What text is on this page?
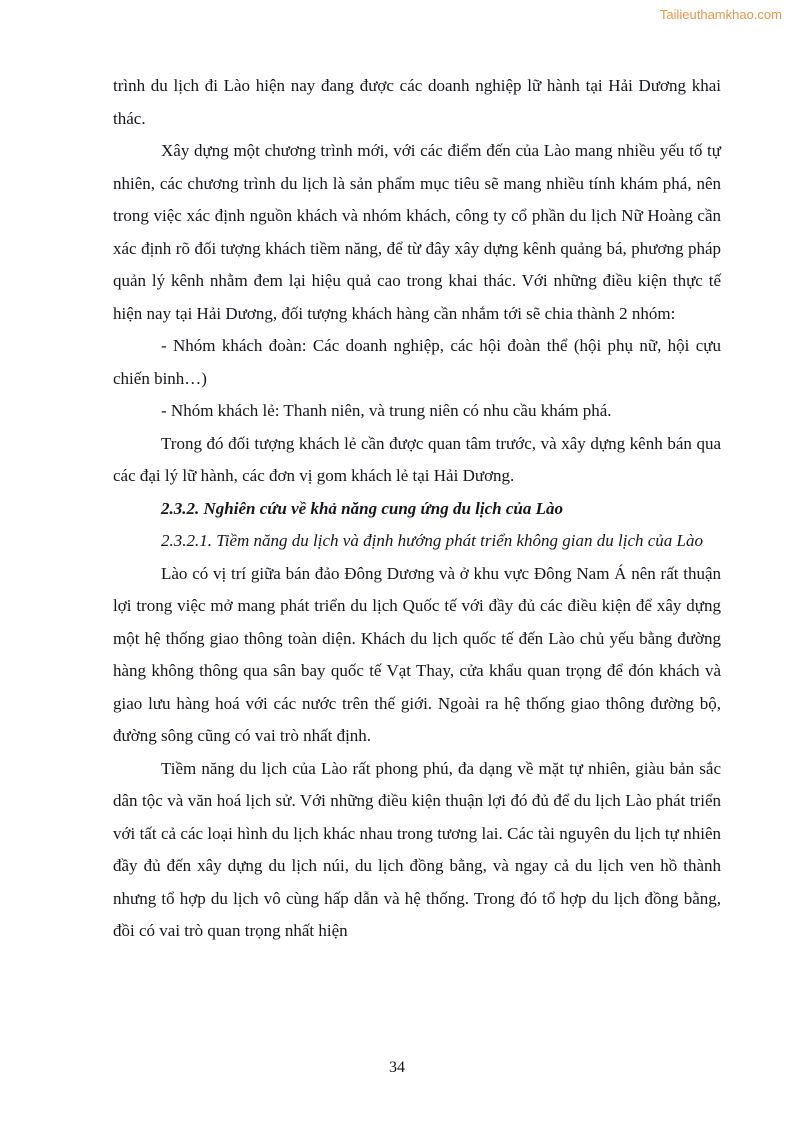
Tailieuthamkhao.com

trình du lịch đi Lào hiện nay đang được các doanh nghiệp lữ hành tại Hải Dương khai thác.

Xây dựng một chương trình mới, với các điểm đến của Lào mang nhiều yếu tố tự nhiên, các chương trình du lịch là sản phẩm mục tiêu sẽ mang nhiều tính khám phá, nên trong việc xác định nguồn khách và nhóm khách, công ty cổ phần du lịch Nữ Hoàng cần xác định rõ đối tượng khách tiềm năng, để từ đây xây dựng kênh quảng bá, phương pháp quản lý kênh nhằm đem lại hiệu quả cao trong khai thác. Với những điều kiện thực tế hiện nay tại Hải Dương, đối tượng khách hàng cần nhắm tới sẽ chia thành 2 nhóm:

- Nhóm khách đoàn: Các doanh nghiệp, các hội đoàn thể (hội phụ nữ, hội cựu chiến binh…)

- Nhóm khách lẻ: Thanh niên, và trung niên có nhu cầu khám phá.

Trong đó đối tượng khách lẻ cần được quan tâm trước, và xây dựng kênh bán qua các đại lý lữ hành, các đơn vị gom khách lẻ tại Hải Dương.

2.3.2. Nghiên cứu về khả năng cung ứng du lịch của Lào

2.3.2.1. Tiềm năng du lịch và định hướng phát triển không gian du lịch của Lào

Lào có vị trí giữa bán đảo Đông Dương và ở khu vực Đông Nam Á nên rất thuận lợi trong việc mở mang phát triển du lịch Quốc tế với đầy đủ các điều kiện để xây dựng một hệ thống giao thông toàn diện. Khách du lịch quốc tế đến Lào chủ yếu bằng đường hàng không thông qua sân bay quốc tế Vạt Thay, cửa khẩu quan trọng để đón khách và giao lưu hàng hoá với các nước trên thế giới. Ngoài ra hệ thống giao thông đường bộ, đường sông cũng có vai trò nhất định.

Tiềm năng du lịch của Lào rất phong phú, đa dạng về mặt tự nhiên, giàu bản sắc dân tộc và văn hoá lịch sử. Với những điều kiện thuận lợi đó đủ để du lịch Lào phát triển với tất cả các loại hình du lịch khác nhau trong tương lai. Các tài nguyên du lịch tự nhiên đầy đủ đến xây dựng du lịch núi, du lịch đồng bằng, và ngay cả du lịch ven hồ thành nhưng tổ hợp du lịch vô cùng hấp dẫn và hệ thống. Trong đó tổ hợp du lịch đồng bằng, đồi có vai trò quan trọng nhất hiện

34
